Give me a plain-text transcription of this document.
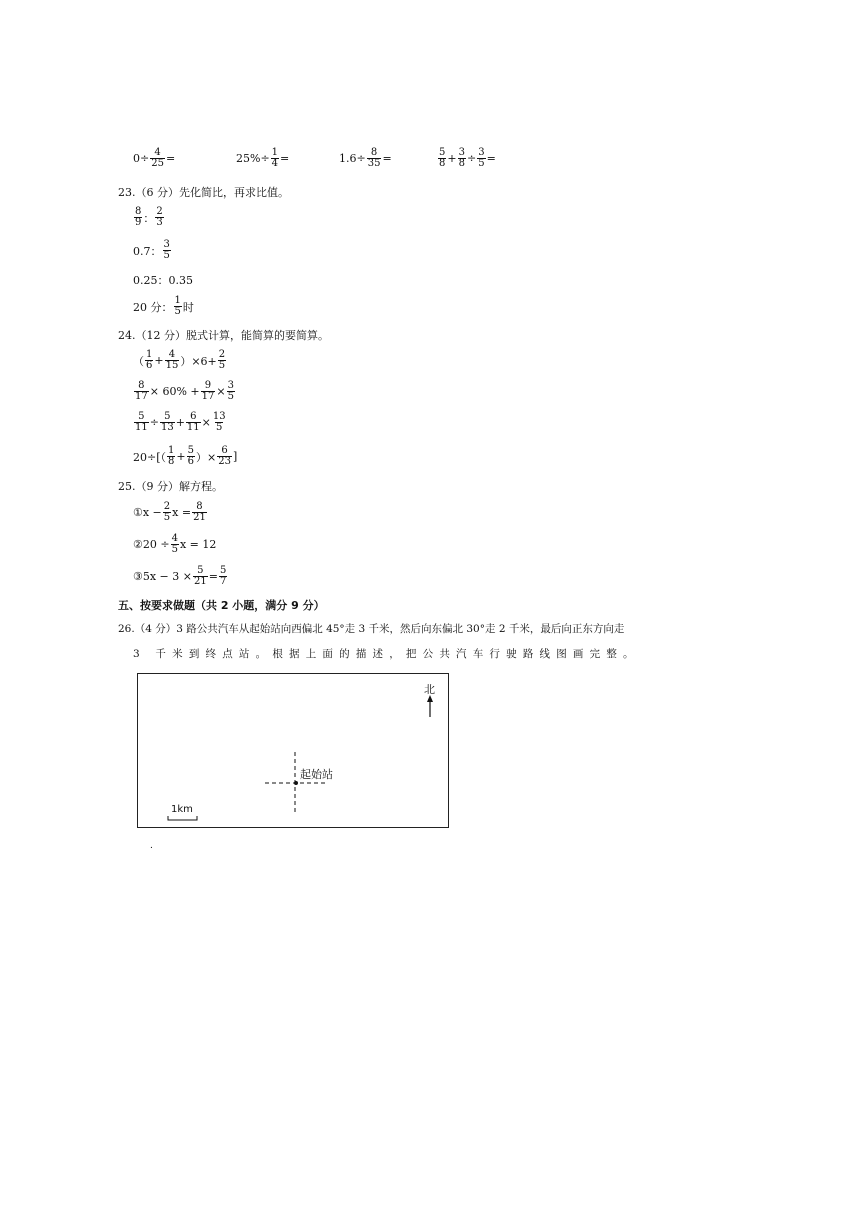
$0\div \frac{4}{25}$ =	$25\%\div \frac{1}{4}$ =	$1.6\div \frac{8}{35}$ =	$\frac{5}{8} + \frac{3}{8} \div \frac{3}{5}$ =
23.（6 分）先化简比，再求比值。
$\frac{8}{9}$ ： $\frac{2}{3}$
0.7： $\frac{3}{5}$
0.25：0.35
20 分： $\frac{1}{5}$ 时
24.（12 分）脱式计算，能简算的要简算。
（ $\frac{1}{6} + \frac{4}{15} )\times 6+ \frac{2}{5}$
$\frac{8}{17} \times 60\% + \frac{9}{17} \times \frac{3}{5}$
$\frac{5}{11} \div \frac{5}{13} + \frac{6}{11} \times \frac{13}{5}$
$20\div[( \frac{1}{8} + \frac{5}{6}$ ）× $\frac{6}{23}$ ]
25.（9 分）解方程。
①x − $\frac{2}{5}$ $x = \frac{8}{21}$
②20 ÷ $\frac{4}{5}$ x = 12
③5x − $3 \times \frac{5}{21} = \frac{5}{7}$
五、按要求做题（共 2 小题，满分 9 分）
26.（4 分）3 路公共汽车从起始站向西偏北 45°走 3 千米，然后向东偏北 30°走 2 千米，最后向正东方向走
3 千米到终点站。根据上面的描述，把公共汽车行驶路线图画完整。
北
起始站
1km
.
